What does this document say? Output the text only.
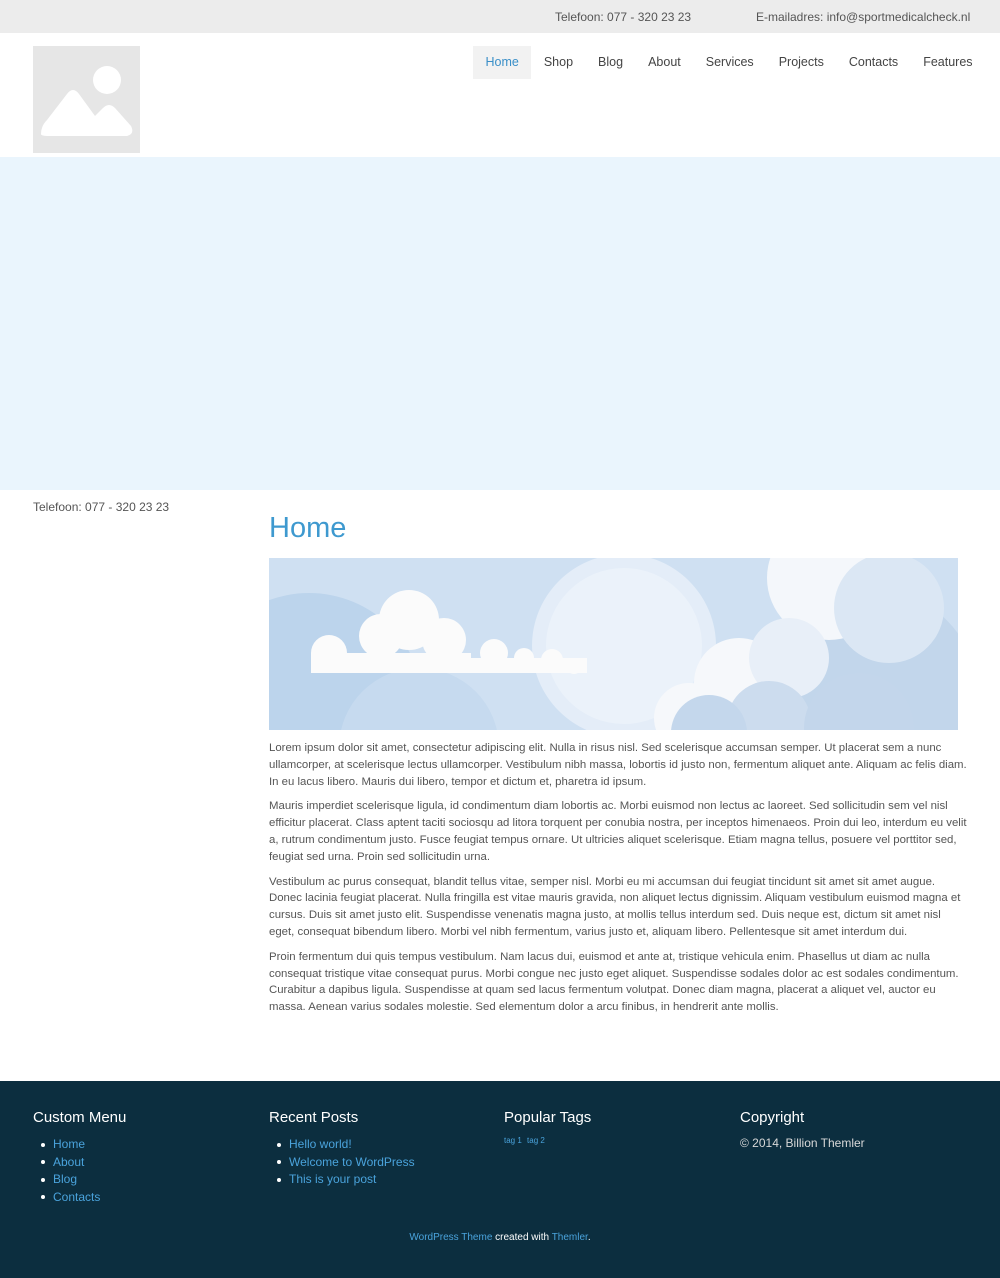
Telefoon: 077 - 320 23 23	E-mailadres: info@sportmedicalcheck.nl
Home	Shop	Blog	About	Services	Projects	Contacts	Features
Telefoon: 077 - 320 23 23
Home

Lorem ipsum dolor sit amet, consectetur adipiscing elit. Nulla in risus nisl. Sed scelerisque accumsan semper. Ut placerat sem a nunc ullamcorper, at scelerisque lectus ullamcorper. Vestibulum nibh massa, lobortis id justo non, fermentum aliquet ante. Aliquam ac felis diam. In eu lacus libero. Mauris dui libero, tempor et dictum et, pharetra id ipsum.

Mauris imperdiet scelerisque ligula, id condimentum diam lobortis ac. Morbi euismod non lectus ac laoreet. Sed sollicitudin sem vel nisl efficitur placerat. Class aptent taciti sociosqu ad litora torquent per conubia nostra, per inceptos himenaeos. Proin dui leo, interdum eu velit a, rutrum condimentum justo. Fusce feugiat tempus ornare. Ut ultricies aliquet scelerisque. Etiam magna tellus, posuere vel porttitor sed, feugiat sed urna. Proin sed sollicitudin urna.

Vestibulum ac purus consequat, blandit tellus vitae, semper nisl. Morbi eu mi accumsan dui feugiat tincidunt sit amet sit amet augue. Donec lacinia feugiat placerat. Nulla fringilla est vitae mauris gravida, non aliquet lectus dignissim. Aliquam vestibulum euismod magna et cursus. Duis sit amet justo elit. Suspendisse venenatis magna justo, at mollis tellus interdum sed. Duis neque est, dictum sit amet nisl eget, consequat bibendum libero. Morbi vel nibh fermentum, varius justo et, aliquam libero. Pellentesque sit amet interdum dui.

Proin fermentum dui quis tempus vestibulum. Nam lacus dui, euismod et ante at, tristique vehicula enim. Phasellus ut diam ac nulla consequat tristique vitae consequat purus. Morbi congue nec justo eget aliquet. Suspendisse sodales dolor ac est sodales condimentum. Curabitur a dapibus ligula. Suspendisse at quam sed lacus fermentum volutpat. Donec diam magna, placerat a aliquet vel, auctor eu massa. Aenean varius sodales molestie. Sed elementum dolor a arcu finibus, in hendrerit ante mollis.

Custom Menu
Home
About
Blog
Contacts
Recent Posts
Hello world!
Welcome to WordPress
This is your post
Popular Tags
tag 1 tag 2
Copyright
© 2014, Billion Themler
WordPress Theme created with Themler.
